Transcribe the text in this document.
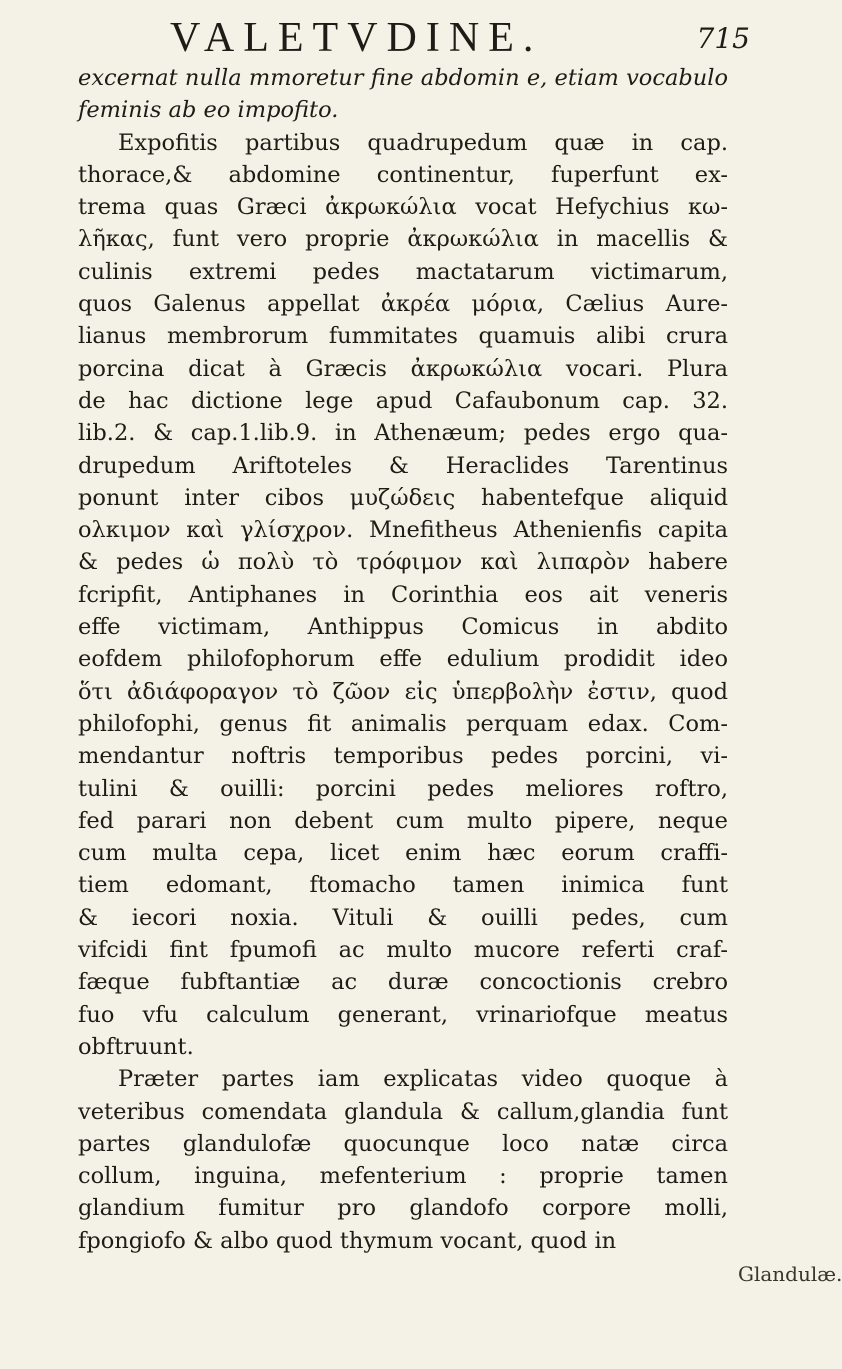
VALETVDINE.	715
excernat nulla mmoretur fine abdomin e, etiam vocabulo
feminis ab eo impofito.
Expofitis partibus quadrupedum quæ in cap.
thorace,& abdomine continentur, fuperfunt ex-
trema quas Græci ἀκρωκώλια vocat Hefychius κω-
λῆκας, funt vero proprie ἀκρωκώλια in macellis &
culinis extremi pedes mactatarum victimarum,
quos Galenus appellat ἀκρέα μόρια, Cælius Aure-
lianus membrorum fummitates quamuis alibi crura
porcina dicat à Græcis ἀκρωκώλια vocari. Plura
de hac dictione lege apud Cafaubonum cap. 32.
lib.2. & cap.1.lib.9. in Athenæum; pedes ergo qua-
drupedum Ariftoteles & Heraclides Tarentinus
ponunt inter cibos μυζώδεις habentefque aliquid
ολκιμον καὶ γλίσχρον. Mnefitheus Athenienfis capita
& pedes ὡ πολὺ τὸ τρόφιμον καὶ λιπαρὸν habere
fcripfit, Antiphanes in Corinthia eos ait veneris
effe victimam, Anthippus Comicus in abdito
eofdem philofophorum effe edulium prodidit ideo
ὅτι ἀδιάφοραγον τὸ ζῶον εἰς ὑπερβολὴν ἐστιν, quod
philofophi, genus fit animalis perquam edax. Com-
mendantur noftris temporibus pedes porcini, vi-
tulini & ouilli: porcini pedes meliores roftro,
fed parari non debent cum multo pipere, neque
cum multa cepa, licet enim hæc eorum craffi-
tiem edomant, ftomacho tamen inimica funt
& iecori noxia. Vituli & ouilli pedes, cum
vifcidi fint fpumofi ac multo mucore referti craf-
fæque fubftantiæ ac duræ concoctionis crebro
fuo vfu calculum generant, vrinariofque meatus
obftruunt.
Præter partes iam explicatas video quoque à
veteribus comendata glandula & callum,glandia funt
partes glandulofæ quocunque loco natæ circa
collum, inguina, mefenterium : proprie tamen
glandium fumitur pro glandofo corpore molli,
fpongiofo & albo quod thymum vocant, quod in
Glandulæ.
